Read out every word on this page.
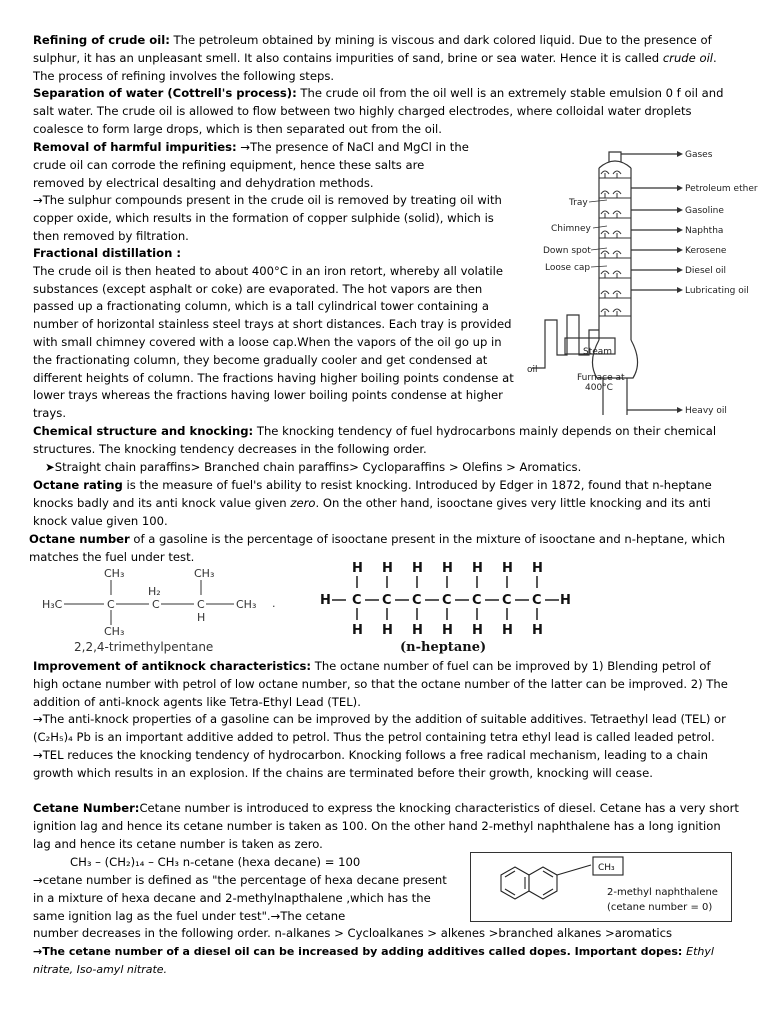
Refining of crude oil: The petroleum obtained by mining is viscous and dark colored liquid. Due to the presence of sulphur, it has an unpleasant smell. It also contains impurities of sand, brine or sea water. Hence it is called crude oil. The process of refining involves the following steps.
Separation of water (Cottrell's process): The crude oil from the oil well is an extremely stable emulsion 0 f oil and salt water. The crude oil is allowed to flow between two highly charged electrodes, where colloidal water droplets coalesce to form large drops, which is then separated out from the oil.
Removal of harmful impurities: →The presence of NaCl and MgCl in the crude oil can corrode the refining equipment, hence these salts are removed by electrical desalting and dehydration methods.
→The sulphur compounds present in the crude oil is removed by treating oil with copper oxide, which results in the formation of copper sulphide (solid), which is then removed by filtration.
Fractional distillation :
The crude oil is then heated to about 400°C in an iron retort, whereby all volatile substances (except asphalt or coke) are evaporated. The hot vapors are then passed up a fractionating column, which is a tall cylindrical tower containing a number of horizontal stainless steel trays at short distances. Each tray is provided with small chimney covered with a loose cap.When the vapors of the oil go up in the fractionating column, they become gradually cooler and get condensed at different heights of column. The fractions having higher boiling points condense at lower trays whereas the fractions having lower boiling points condense at higher trays.
Chemical structure and knocking: The knocking tendency of fuel hydrocarbons mainly depends on their chemical structures. The knocking tendency decreases in the following order.
➤Straight chain paraffins> Branched chain paraffins> Cycloparaffins > Olefins > Aromatics.
Octane rating is the measure of fuel's ability to resist knocking. Introduced by Edger in 1872, found that n-heptane knocks badly and its anti knock value given zero. On the other hand, isooctane gives very little knocking and its anti knock value given 100.
Octane number of a gasoline is the percentage of isooctane present in the mixture of isooctane and n-heptane, which matches the fuel under test.
CH₃	CH₃
H₃C	C
H₂
C	C
H
CH₃
CH₃
2,2,4-trimethylpentane
.	H
H
C
H
H
C
H
H
C
H
H
C
H
H
C
H
H
C
H
H
C
H
H
(n-heptane)
Gases
Petroleum ether
Gasoline
Naphtha
Kerosene
Diesel oil
Lubricating oil
Heavy oil
Tray
Chimney
Down spot
Loose cap
Steam
Furnace at
400°C
oil
Improvement of antiknock characteristics: The octane number of fuel can be improved by 1) Blending petrol of high octane number with petrol of low octane number, so that the octane number of the latter can be improved. 2) The addition of anti-knock agents like Tetra-Ethyl Lead (TEL).
→The anti-knock properties of a gasoline can be improved by the addition of suitable additives. Tetraethyl lead (TEL) or (C₂H₅)₄ Pb is an important additive added to petrol. Thus the petrol containing tetra ethyl lead is called leaded petrol. →TEL reduces the knocking tendency of hydrocarbon. Knocking follows a free radical mechanism, leading to a chain growth which results in an explosion. If the chains are terminated before their growth, knocking will cease.
Cetane Number:Cetane number is introduced to express the knocking characteristics of diesel. Cetane has a very short ignition lag and hence its cetane number is taken as 100. On the other hand 2-methyl naphthalene has a long ignition lag and hence its cetane number is taken as zero.
CH₃ – (CH₂)₁₄ – CH₃ n-cetane (hexa decane) = 100
→cetane number is defined as "the percentage of hexa decane present in a mixture of hexa decane and 2-methylnapthalene ,which has the same ignition lag as the fuel under test".→The cetane
number decreases in the following order. n-alkanes > Cycloalkanes > alkenes >branched alkanes >aromatics
→The cetane number of a diesel oil can be increased by adding additives called dopes. Important dopes: Ethyl nitrate, Iso-amyl nitrate.
CH₃
2-methyl naphthalene
(cetane number = 0)
